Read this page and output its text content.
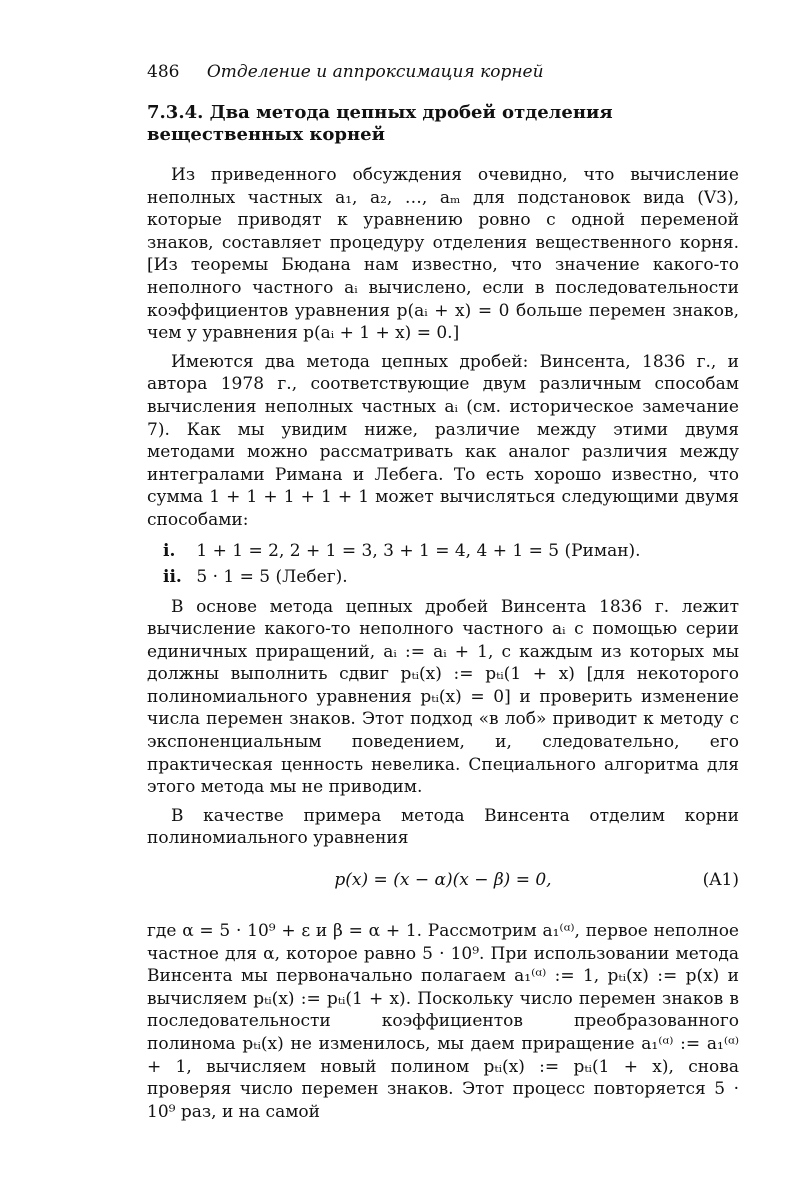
486 Отделение и аппроксимация корней
7.3.4. Два метода цепных дробей отделения вещественных корней

Из приведенного обсуждения очевидно, что вычисление неполных частных a₁, a₂, …, aₘ для подстановок вида (V3), которые приводят к уравнению ровно с одной переменой знаков, составляет процедуру отделения вещественного корня. [Из теоремы Бюдана нам известно, что значение какого-то неполного частного aᵢ вычислено, если в последовательности коэффициентов уравнения p(aᵢ + x) = 0 больше перемен знаков, чем у уравнения p(aᵢ + 1 + x) = 0.]

Имеются два метода цепных дробей: Винсента, 1836 г., и автора 1978 г., соответствующие двум различным способам вычисления неполных частных aᵢ (см. историческое замечание 7). Как мы увидим ниже, различие между этими двумя методами можно рассматривать как аналог различия между интегралами Римана и Лебега. То есть хорошо известно, что сумма 1 + 1 + 1 + 1 + 1 может вычисляться следующими двумя способами:

i. 1 + 1 = 2, 2 + 1 = 3, 3 + 1 = 4, 4 + 1 = 5 (Риман).
ii. 5 · 1 = 5 (Лебег).

В основе метода цепных дробей Винсента 1836 г. лежит вычисление какого-то неполного частного aᵢ с помощью серии единичных приращений, aᵢ := aᵢ + 1, с каждым из которых мы должны выполнить сдвиг pₜᵢ(x) := pₜᵢ(1 + x) [для некоторого полиномиального уравнения pₜᵢ(x) = 0] и проверить изменение числа перемен знаков. Этот подход «в лоб» приводит к методу с экспоненциальным поведением, и, следовательно, его практическая ценность невелика. Специального алгоритма для этого метода мы не приводим.

В качестве примера метода Винсента отделим корни полиномиального уравнения

p(x) = (x − α)(x − β) = 0,	(A1)

где α = 5 · 10⁹ + ε и β = α + 1. Рассмотрим a₁⁽ᵅ⁾, первое неполное частное для α, которое равно 5 · 10⁹. При использовании метода Винсента мы первоначально полагаем a₁⁽ᵅ⁾ := 1, pₜᵢ(x) := p(x) и вычисляем pₜᵢ(x) := pₜᵢ(1 + x). Поскольку число перемен знаков в последовательности коэффициентов преобразованного полинома pₜᵢ(x) не изменилось, мы даем приращение a₁⁽ᵅ⁾ := a₁⁽ᵅ⁾ + 1, вычисляем новый полином pₜᵢ(x) := pₜᵢ(1 + x), снова проверяя число перемен знаков. Этот процесс повторяется 5 · 10⁹ раз, и на самой
